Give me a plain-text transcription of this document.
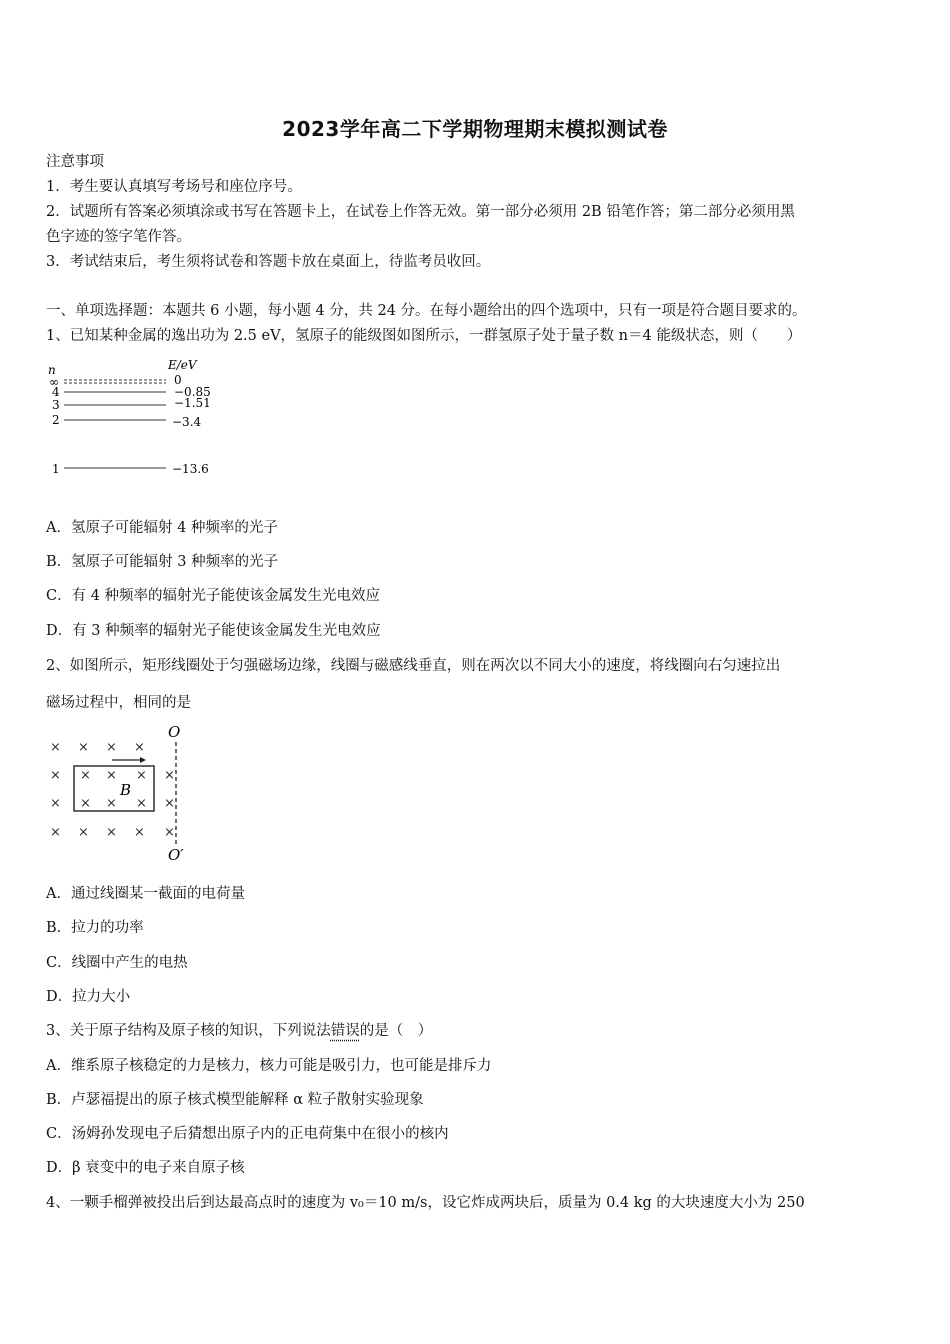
2023学年高二下学期物理期末模拟测试卷
注意事项
1．考生要认真填写考场号和座位序号。
2．试题所有答案必须填涂或书写在答题卡上，在试卷上作答无效。第一部分必须用 2B 铅笔作答；第二部分必须用黑
色字迹的签字笔作答。
3．考试结束后，考生须将试卷和答题卡放在桌面上，待监考员收回。
一、单项选择题：本题共 6 小题，每小题 4 分，共 24 分。在每小题给出的四个选项中，只有一项是符合题目要求的。
1、已知某种金属的逸出功为 2.5 eV，氢原子的能级图如图所示，一群氢原子处于量子数 n＝4 能级状态，则（　　）
n	E/eV
∞	0
4	−0.85
3	−1.51
2	−3.4
1	−13.6
A．氢原子可能辐射 4 种频率的光子
B．氢原子可能辐射 3 种频率的光子
C．有 4 种频率的辐射光子能使该金属发生光电效应
D．有 3 种频率的辐射光子能使该金属发生光电效应
2、如图所示，矩形线圈处于匀强磁场边缘，线圈与磁感线垂直，则在两次以不同大小的速度，将线圈向右匀速拉出
磁场过程中，相同的是
× × × ×
× × × × ×
× × × × ×
× × × × ×
O
O′
B
A．通过线圈某一截面的电荷量
B．拉力的功率
C．线圈中产生的电热
D．拉力大小
3、关于原子结构及原子核的知识，下列说法错误的是（　）
A．维系原子核稳定的力是核力，核力可能是吸引力，也可能是排斥力
B．卢瑟福提出的原子核式模型能解释 α 粒子散射实验现象
C．汤姆孙发现电子后猜想出原子内的正电荷集中在很小的核内
D．β 衰变中的电子来自原子核
4、一颗手榴弹被投出后到达最高点时的速度为 v₀＝10 m/s，设它炸成两块后，质量为 0.4 kg 的大块速度大小为 250
